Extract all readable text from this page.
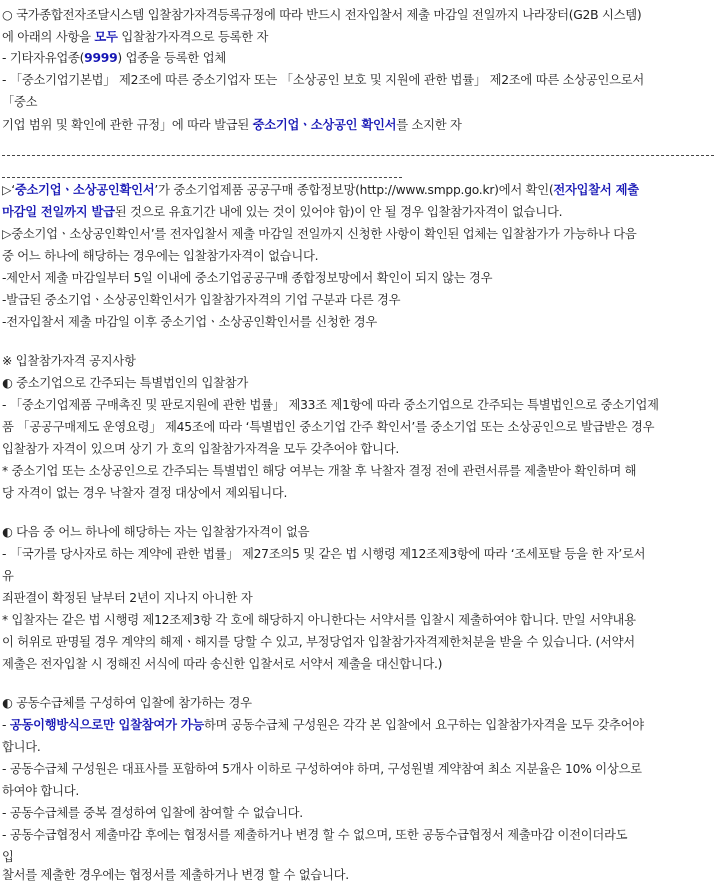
○ 국가종합전자조달시스템 입찰참가자격등록규정에 따라 반드시 전자입찰서 제출 마감일 전일까지 나라장터(G2B 시스템)
에 아래의 사항을 모두 입찰참가자격으로 등록한 자
- 기타자유업종(9999) 업종을 등록한 업체
- 「중소기업기본법」 제2조에 따른 중소기업자 또는 「소상공인 보호 및 지원에 관한 법률」 제2조에 따른 소상공인으로서
「중소
기업 범위 및 확인에 관한 규정」에 따라 발급된 중소기업ㆍ소상공인 확인서를 소지한 자
▷‘중소기업ㆍ소상공인확인서’가 중소기업제품 공공구매 종합정보망(http://www.smpp.go.kr)에서 확인(전자입찰서 제출
마감일 전일까지 발급된 것으로 유효기간 내에 있는 것이 있어야 함)이 안 될 경우 입찰참가자격이 없습니다.
▷중소기업ㆍ소상공인확인서’를 전자입찰서 제출 마감일 전일까지 신청한 사항이 확인된 업체는 입찰참가가 가능하나 다음
중 어느 하나에 해당하는 경우에는 입찰참가자격이 없습니다.
-제안서 제출 마감일부터 5일 이내에 중소기업공공구매 종합정보망에서 확인이 되지 않는 경우
-발급된 중소기업ㆍ소상공인확인서가 입찰참가자격의 기업 구분과 다른 경우
-전자입찰서 제출 마감일 이후 중소기업ㆍ소상공인확인서를 신청한 경우
※ 입찰참가자격 공지사항
◐ 중소기업으로 간주되는 특별법인의 입찰참가
- 「중소기업제품 구매촉진 및 판로지원에 관한 법률」 제33조 제1항에 따라 중소기업으로 간주되는 특별법인으로 중소기업제
품 「공공구매제도 운영요령」 제45조에 따라 ‘특별법인 중소기업 간주 확인서’를 중소기업 또는 소상공인으로 발급받은 경우
입찰참가 자격이 있으며 상기 가 호의 입찰참가자격을 모두 갖추어야 합니다.
* 중소기업 또는 소상공인으로 간주되는 특별법인 해당 여부는 개찰 후 낙찰자 결정 전에 관련서류를 제출받아 확인하며 해
당 자격이 없는 경우 낙찰자 결정 대상에서 제외됩니다.
◐ 다음 중 어느 하나에 해당하는 자는 입찰참가자격이 없음
- 「국가를 당사자로 하는 계약에 관한 법률」 제27조의5 및 같은 법 시행령 제12조제3항에 따라 ‘조세포탈 등을 한 자’로서
유
죄판결이 확정된 날부터 2년이 지나지 아니한 자
* 입찰자는 같은 법 시행령 제12조제3항 각 호에 해당하지 아니한다는 서약서를 입찰시 제출하여야 합니다. 만일 서약내용
이 허위로 판명될 경우 계약의 해제ㆍ해지를 당할 수 있고, 부정당업자 입찰참가자격제한처분을 받을 수 있습니다. (서약서
제출은 전자입찰 시 정해진 서식에 따라 송신한 입찰서로 서약서 제출을 대신합니다.)
◐ 공동수급체를 구성하여 입찰에 참가하는 경우
- 공동이행방식으로만 입찰참여가 가능하며 공동수급체 구성원은 각각 본 입찰에서 요구하는 입찰참가자격을 모두 갖추어야
합니다.
- 공동수급체 구성원은 대표사를 포함하여 5개사 이하로 구성하여야 하며, 구성원별 계약참여 최소 지분율은 10% 이상으로
하여야 합니다.
- 공동수급체를 중복 결성하여 입찰에 참여할 수 없습니다.
- 공동수급협정서 제출마감 후에는 협정서를 제출하거나 변경 할 수 없으며, 또한 공동수급협정서 제출마감 이전이더라도
입
찰서를 제출한 경우에는 협정서를 제출하거나 변경 할 수 없습니다.
